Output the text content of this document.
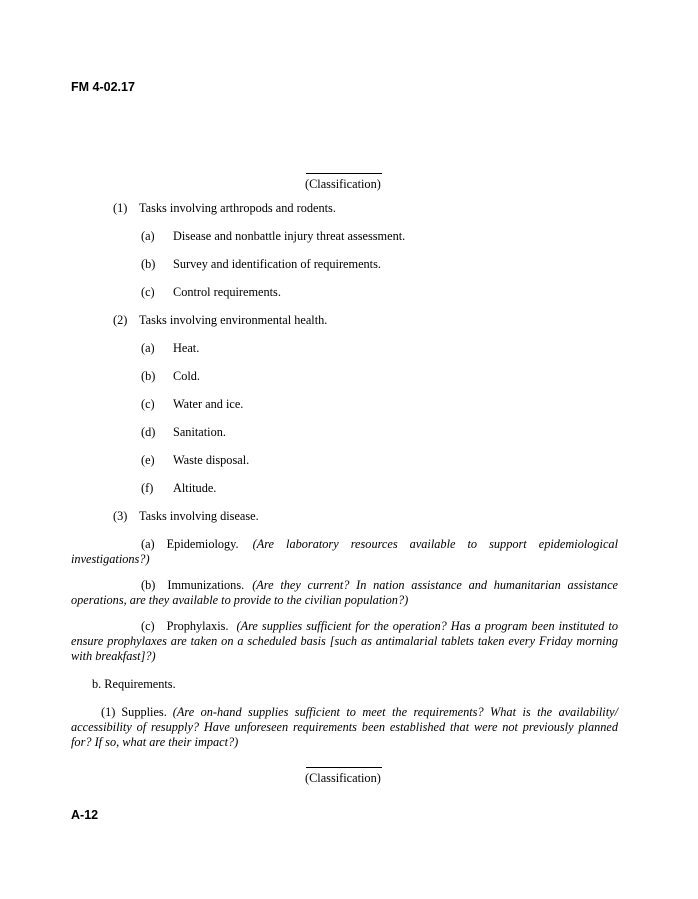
FM 4-02.17
(Classification)
(1) Tasks involving arthropods and rodents.
(a) Disease and nonbattle injury threat assessment.
(b) Survey and identification of requirements.
(c) Control requirements.
(2) Tasks involving environmental health.
(a) Heat.
(b) Cold.
(c) Water and ice.
(d) Sanitation.
(e) Waste disposal.
(f) Altitude.
(3) Tasks involving disease.
(a) Epidemiology. (Are laboratory resources available to support epidemiological investigations?)
(b) Immunizations. (Are they current? In nation assistance and humanitarian assistance operations, are they available to provide to the civilian population?)
(c) Prophylaxis. (Are supplies sufficient for the operation? Has a program been instituted to ensure prophylaxes are taken on a scheduled basis [such as antimalarial tablets taken every Friday morning with breakfast]?)
b. Requirements.
(1) Supplies. (Are on-hand supplies sufficient to meet the requirements? What is the availability/ accessibility of resupply? Have unforeseen requirements been established that were not previously planned for? If so, what are their impact?)
(Classification)
A-12
